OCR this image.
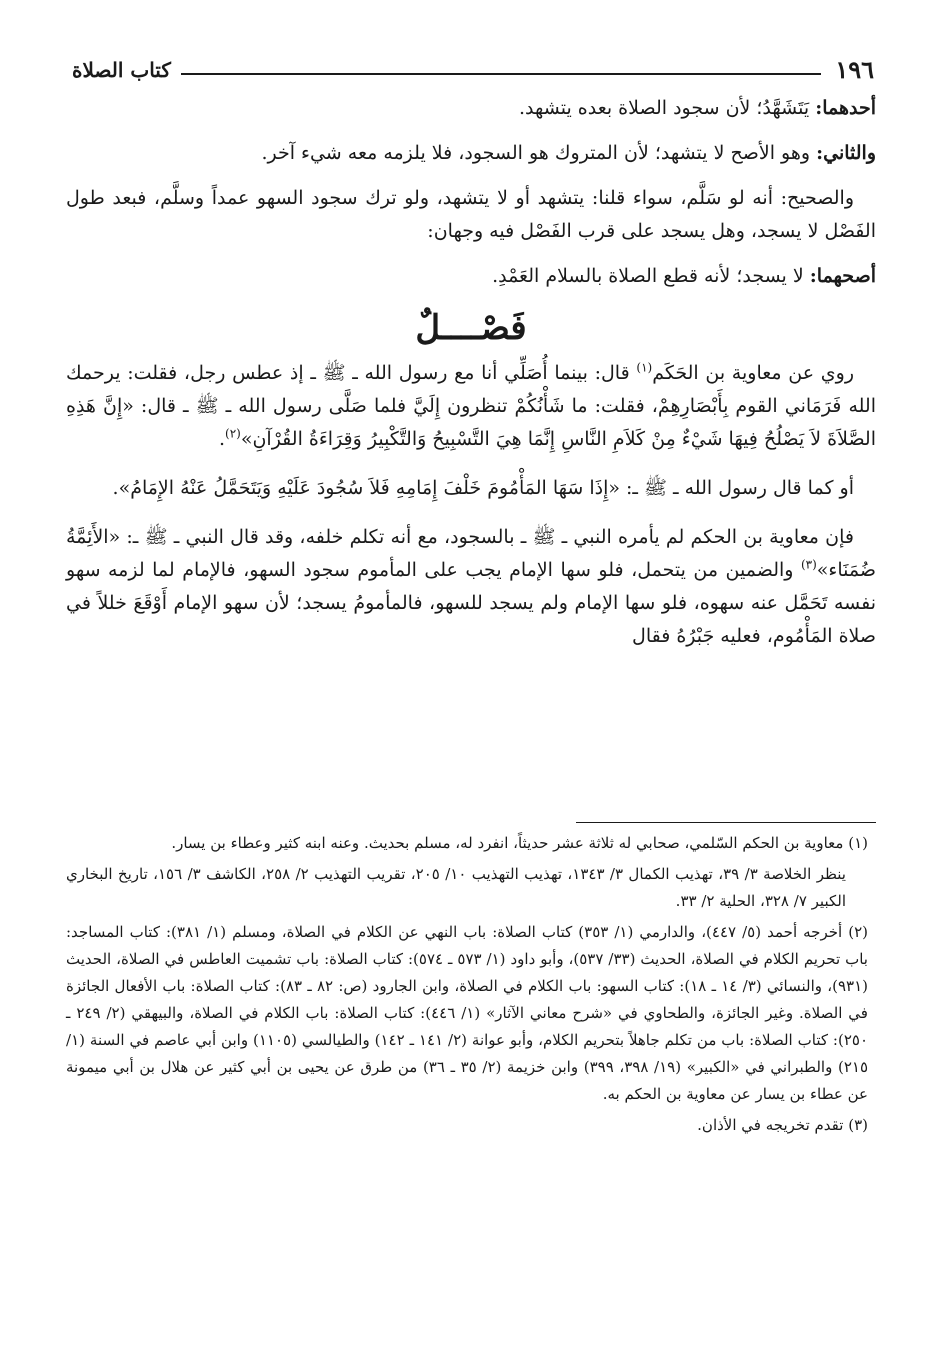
١٩٦
كتاب الصلاة

أحدهما: يَتَشَهَّدُ؛ لأن سجود الصلاة بعده يتشهد.

والثاني: وهو الأصح لا يتشهد؛ لأن المتروك هو السجود، فلا يلزمه معه شيء آخر.

والصحيح: أنه لو سَلَّم، سواء قلنا: يتشهد أو لا يتشهد، ولو ترك سجود السهو عمداً وسلَّم، فبعد طول الفَصْل لا يسجد، وهل يسجد على قرب الفَصْل فيه وجهان:

أصحهما: لا يسجد؛ لأنه قطع الصلاة بالسلام العَمْدِ.

فَصْــــلٌ

روي عن معاوية بن الحَكَم$^{(١)}$ قال: بينما أُصَلِّي أنا مع رسول الله ـ ﷺ ـ إذ عطس رجل، فقلت: يرحمك الله فَرَمَاني القوم بِأَبْصَارِهِمْ، فقلت: ما شَأْنُكُمْ تنظرون إِلَيَّ فلما صَلَّى رسول الله ـ ﷺ ـ قال: «إِنَّ هَذِهِ الصَّلاَةَ لاَ يَصْلُحُ فِيهَا شَيْءٌ مِنْ كَلاَمِ النَّاسِ إِنَّمَا هِيَ التَّسْبِيحُ وَالتَّكْبِيرُ وَقِرَاءَةُ القُرْآنِ»$^{(٢)}$.

أو كما قال رسول الله ـ ﷺ ـ: «إِذَا سَهَا المَأْمُومَ خَلْفَ إِمَامِهِ فَلاَ سُجُودَ عَلَيْهِ وَيَتَحَمَّلُ عَنْهُ الإِمَامُ».

فإن معاوية بن الحكم لم يأمره النبي ـ ﷺ ـ بالسجود، مع أنه تكلم خلفه، وقد قال النبي ـ ﷺ ـ: «الأَئِمَّةُ ضُمَنَاء»$^{(٣)}$ والضمين من يتحمل، فلو سها الإمام يجب على المأموم سجود السهو، فالإمام لما لزمه سهو نفسه تَحَمَّل عنه سهوه، فلو سها الإمام ولم يسجد للسهو، فالمأمومُ يسجد؛ لأن سهو الإمام أَوْقَعَ خللاً في صلاة المَأْمُوم، فعليه جَبْرُهُ فقال

(١) معاوية بن الحكم السّلمي، صحابي له ثلاثة عشر حديثاً، انفرد له، مسلم بحديث. وعنه ابنه كثير وعطاء بن يسار.

ينظر الخلاصة ٣/ ٣٩، تهذيب الكمال ٣/ ١٣٤٣، تهذيب التهذيب ١٠/ ٢٠٥، تقريب التهذيب ٢/ ٢٥٨، الكاشف ٣/ ١٥٦، تاريخ البخاري الكبير ٧/ ٣٢٨، الحلية ٢/ ٣٣.

(٢) أخرجه أحمد (٥/ ٤٤٧)، والدارمي (١/ ٣٥٣) كتاب الصلاة: باب النهي عن الكلام في الصلاة، ومسلم (١/ ٣٨١): كتاب المساجد: باب تحريم الكلام في الصلاة، الحديث (٣٣/ ٥٣٧)، وأبو داود (١/ ٥٧٣ ـ ٥٧٤): كتاب الصلاة: باب تشميت العاطس في الصلاة، الحديث (٩٣١)، والنسائي (٣/ ١٤ ـ ١٨): كتاب السهو: باب الكلام في الصلاة، وابن الجارود (ص: ٨٢ ـ ٨٣): كتاب الصلاة: باب الأفعال الجائزة في الصلاة. وغير الجائزة، والطحاوي في «شرح معاني الآثار» (١/ ٤٤٦): كتاب الصلاة: باب الكلام في الصلاة، والبيهقي (٢/ ٢٤٩ ـ ٢٥٠): كتاب الصلاة: باب من تكلم جاهلاً بتحريم الكلام، وأبو عوانة (٢/ ١٤١ ـ ١٤٢) والطيالسي (١١٠٥) وابن أبي عاصم في السنة (١/ ٢١٥) والطبراني في «الكبير» (١٩/ ٣٩٨، ٣٩٩) وابن خزيمة (٢/ ٣٥ ـ ٣٦) من طرق عن يحيى بن أبي كثير عن هلال بن أبي ميمونة عن عطاء بن يسار عن معاوية بن الحكم به.

(٣) تقدم تخريجه في الأذان.
